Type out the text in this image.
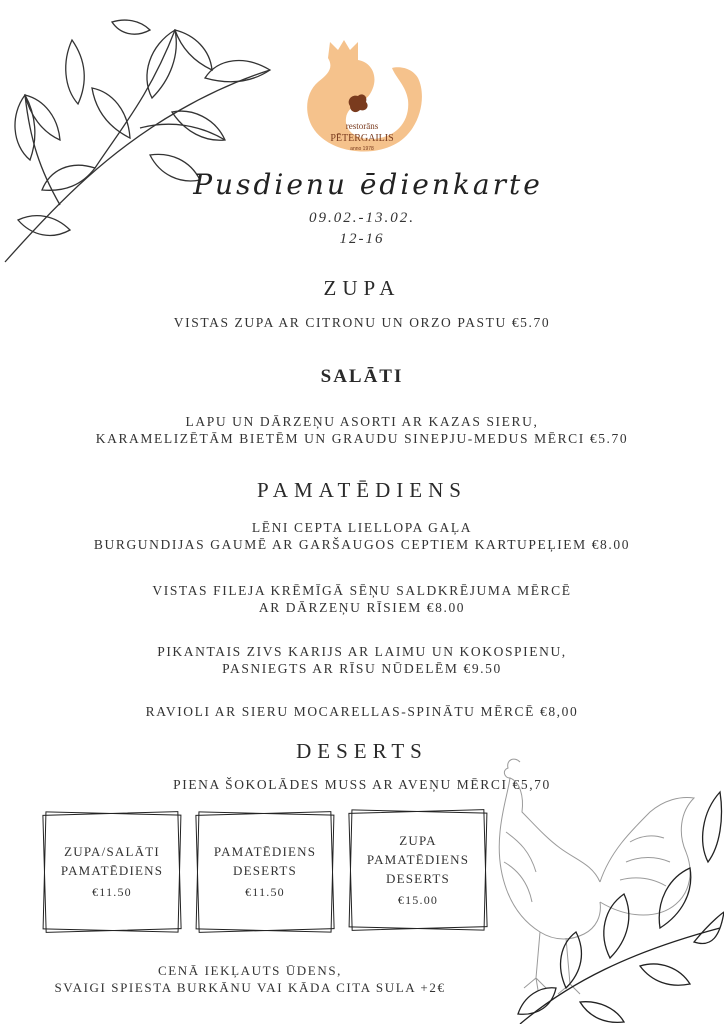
restorāns
PĒTERGAILIS
anno 1978
Pusdienu ēdienkarte
09.02.-13.02.
12-16
ZUPA
VISTAS ZUPA AR CITRONU UN ORZO PASTU €5.70
SALĀTI
LAPU UN DĀRZEŅU ASORTI AR KAZAS SIERU,
KARAMELIZĒTĀM BIETĒM UN GRAUDU SINEPJU-MEDUS MĒRCI €5.70
PAMATĒDIENS
LĒNI CEPTA LIELLOPA GAĻA
BURGUNDIJAS GAUMĒ AR GARŠAUGOS CEPTIEM KARTUPEĻIEM €8.00
VISTAS FILEJA KRĒMĪGĀ SĒŅU SALDKRĒJUMA MĒRCĒ
AR DĀRZEŅU RĪSIEM €8.00
PIKANTAIS ZIVS KARIJS AR LAIMU UN KOKOSPIENU,
PASNIEGTS AR RĪSU NŪDELĒM €9.50
RAVIOLI AR SIERU MOCARELLAS-SPINĀTU MĒRCĒ €8,00
DESERTS
PIENA ŠOKOLĀDES MUSS AR AVEŅU MĒRCI €5,70
ZUPA/SALĀTI
PAMATĒDIENS
€11.50
PAMATĒDIENS
DESERTS
€11.50
ZUPA
PAMATĒDIENS
DESERTS
€15.00
CENĀ IEKĻAUTS ŪDENS,
SVAIGI SPIESTA BURKĀNU VAI KĀDA CITA SULA +2€
